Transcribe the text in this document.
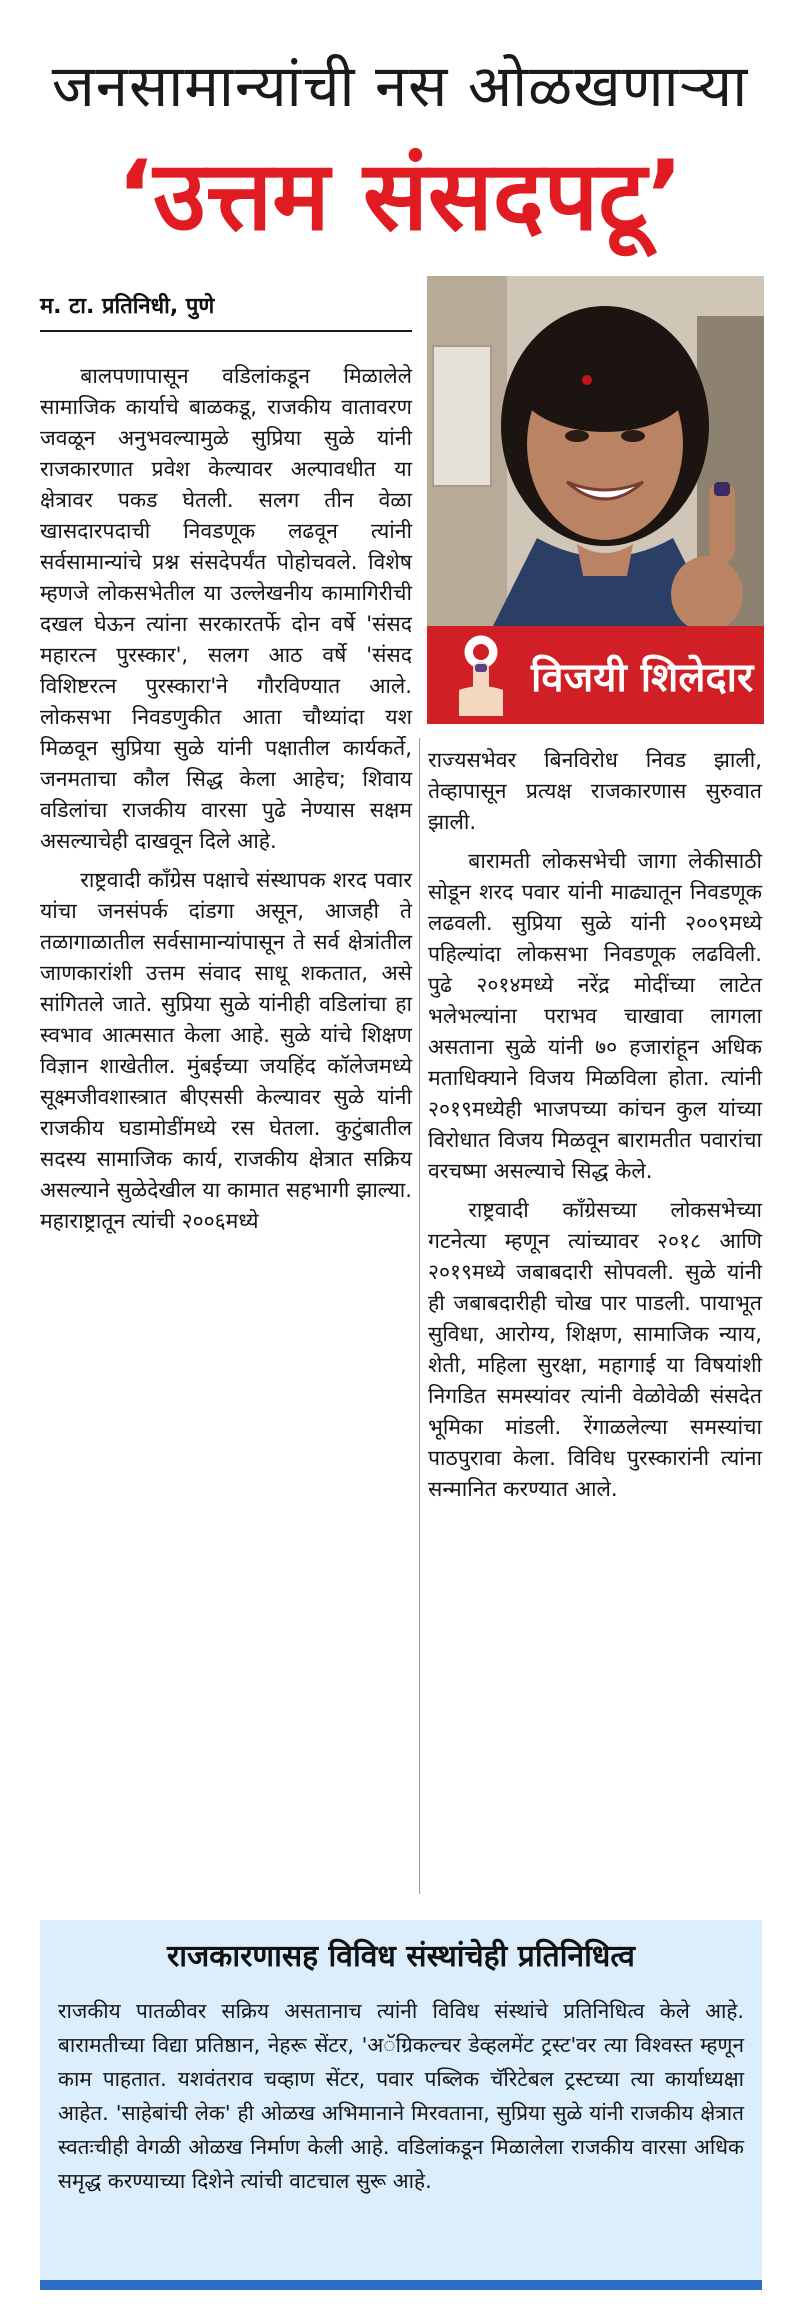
जनसामान्यांची नस ओळखणाऱ्या
‘उत्तम संसदपटू’
म. टा. प्रतिनिधी, पुणे

बालपणापासून वडिलांकडून मिळालेले सामाजिक कार्याचे बाळकडू, राजकीय वातावरण जवळून अनुभवल्यामुळे सुप्रिया सुळे यांनी राजकारणात प्रवेश केल्यावर अल्पावधीत या क्षेत्रावर पकड घेतली. सलग तीन वेळा खासदारपदाची निवडणूक लढवून त्यांनी सर्वसामान्यांचे प्रश्न संसदेपर्यंत पोहोचवले. विशेष म्हणजे लोकसभेतील या उल्लेखनीय कामागिरीची दखल घेऊन त्यांना सरकारतर्फे दोन वर्षे 'संसद महारत्न पुरस्कार', सलग आठ वर्षे 'संसद विशिष्टरत्न पुरस्कारा'ने गौरविण्यात आले. लोकसभा निवडणुकीत आता चौथ्यांदा यश मिळवून सुप्रिया सुळे यांनी पक्षातील कार्यकर्ते, जनमताचा कौल सिद्ध केला आहेच; शिवाय वडिलांचा राजकीय वारसा पुढे नेण्यास सक्षम असल्याचेही दाखवून दिले आहे.

राष्ट्रवादी काँग्रेस पक्षाचे संस्थापक शरद पवार यांचा जनसंपर्क दांडगा असून, आजही ते तळागाळातील सर्वसामान्यांपासून ते सर्व क्षेत्रांतील जाणकारांशी उत्तम संवाद साधू शकतात, असे सांगितले जाते. सुप्रिया सुळे यांनीही वडिलांचा हा स्वभाव आत्मसात केला आहे. सुळे यांचे शिक्षण विज्ञान शाखेतील. मुंबईच्या जयहिंद कॉलेजमध्ये सूक्ष्मजीवशास्त्रात बीएससी केल्यावर सुळे यांनी राजकीय घडामोडींमध्ये रस घेतला. कुटुंबातील सदस्य सामाजिक कार्य, राजकीय क्षेत्रात सक्रिय असल्याने सुळेदेखील या कामात सहभागी झाल्या. महाराष्ट्रातून त्यांची २००६मध्ये

विजयी शिलेदार

राज्यसभेवर बिनविरोध निवड झाली, तेव्हापासून प्रत्यक्ष राजकारणास सुरुवात झाली.

बारामती लोकसभेची जागा लेकीसाठी सोडून शरद पवार यांनी माढ्यातून निवडणूक लढवली. सुप्रिया सुळे यांनी २००९मध्ये पहिल्यांदा लोकसभा निवडणूक लढविली. पुढे २०१४मध्ये नरेंद्र मोदींच्या लाटेत भलेभल्यांना पराभव चाखावा लागला असताना सुळे यांनी ७० हजारांहून अधिक मताधिक्याने विजय मिळविला होता. त्यांनी २०१९मध्येही भाजपच्या कांचन कुल यांच्या विरोधात विजय मिळवून बारामतीत पवारांचा वरचष्मा असल्याचे सिद्ध केले.

राष्ट्रवादी काँग्रेसच्या लोकसभेच्या गटनेत्या म्हणून त्यांच्यावर २०१८ आणि २०१९मध्ये जबाबदारी सोपवली. सुळे यांनी ही जबाबदारीही चोख पार पाडली. पायाभूत सुविधा, आरोग्य, शिक्षण, सामाजिक न्याय, शेती, महिला सुरक्षा, महागाई या विषयांशी निगडित समस्यांवर त्यांनी वेळोवेळी संसदेत भूमिका मांडली. रेंगाळलेल्या समस्यांचा पाठपुरावा केला. विविध पुरस्कारांनी त्यांना सन्मानित करण्यात आले.

राजकारणासह विविध संस्थांचेही प्रतिनिधित्व
राजकीय पातळीवर सक्रिय असतानाच त्यांनी विविध संस्थांचे प्रतिनिधित्व केले आहे. बारामतीच्या विद्या प्रतिष्ठान, नेहरू सेंटर, 'अॅग्रिकल्चर डेव्हलमेंट ट्रस्ट'वर त्या विश्वस्त म्हणून काम पाहतात. यशवंतराव चव्हाण सेंटर, पवार पब्लिक चॅरिटेबल ट्रस्टच्या त्या कार्याध्यक्षा आहेत. 'साहेबांची लेक' ही ओळख अभिमानाने मिरवताना, सुप्रिया सुळे यांनी राजकीय क्षेत्रात स्वतःचीही वेगळी ओळख निर्माण केली आहे. वडिलांकडून मिळालेला राजकीय वारसा अधिक समृद्ध करण्याच्या दिशेने त्यांची वाटचाल सुरू आहे.
